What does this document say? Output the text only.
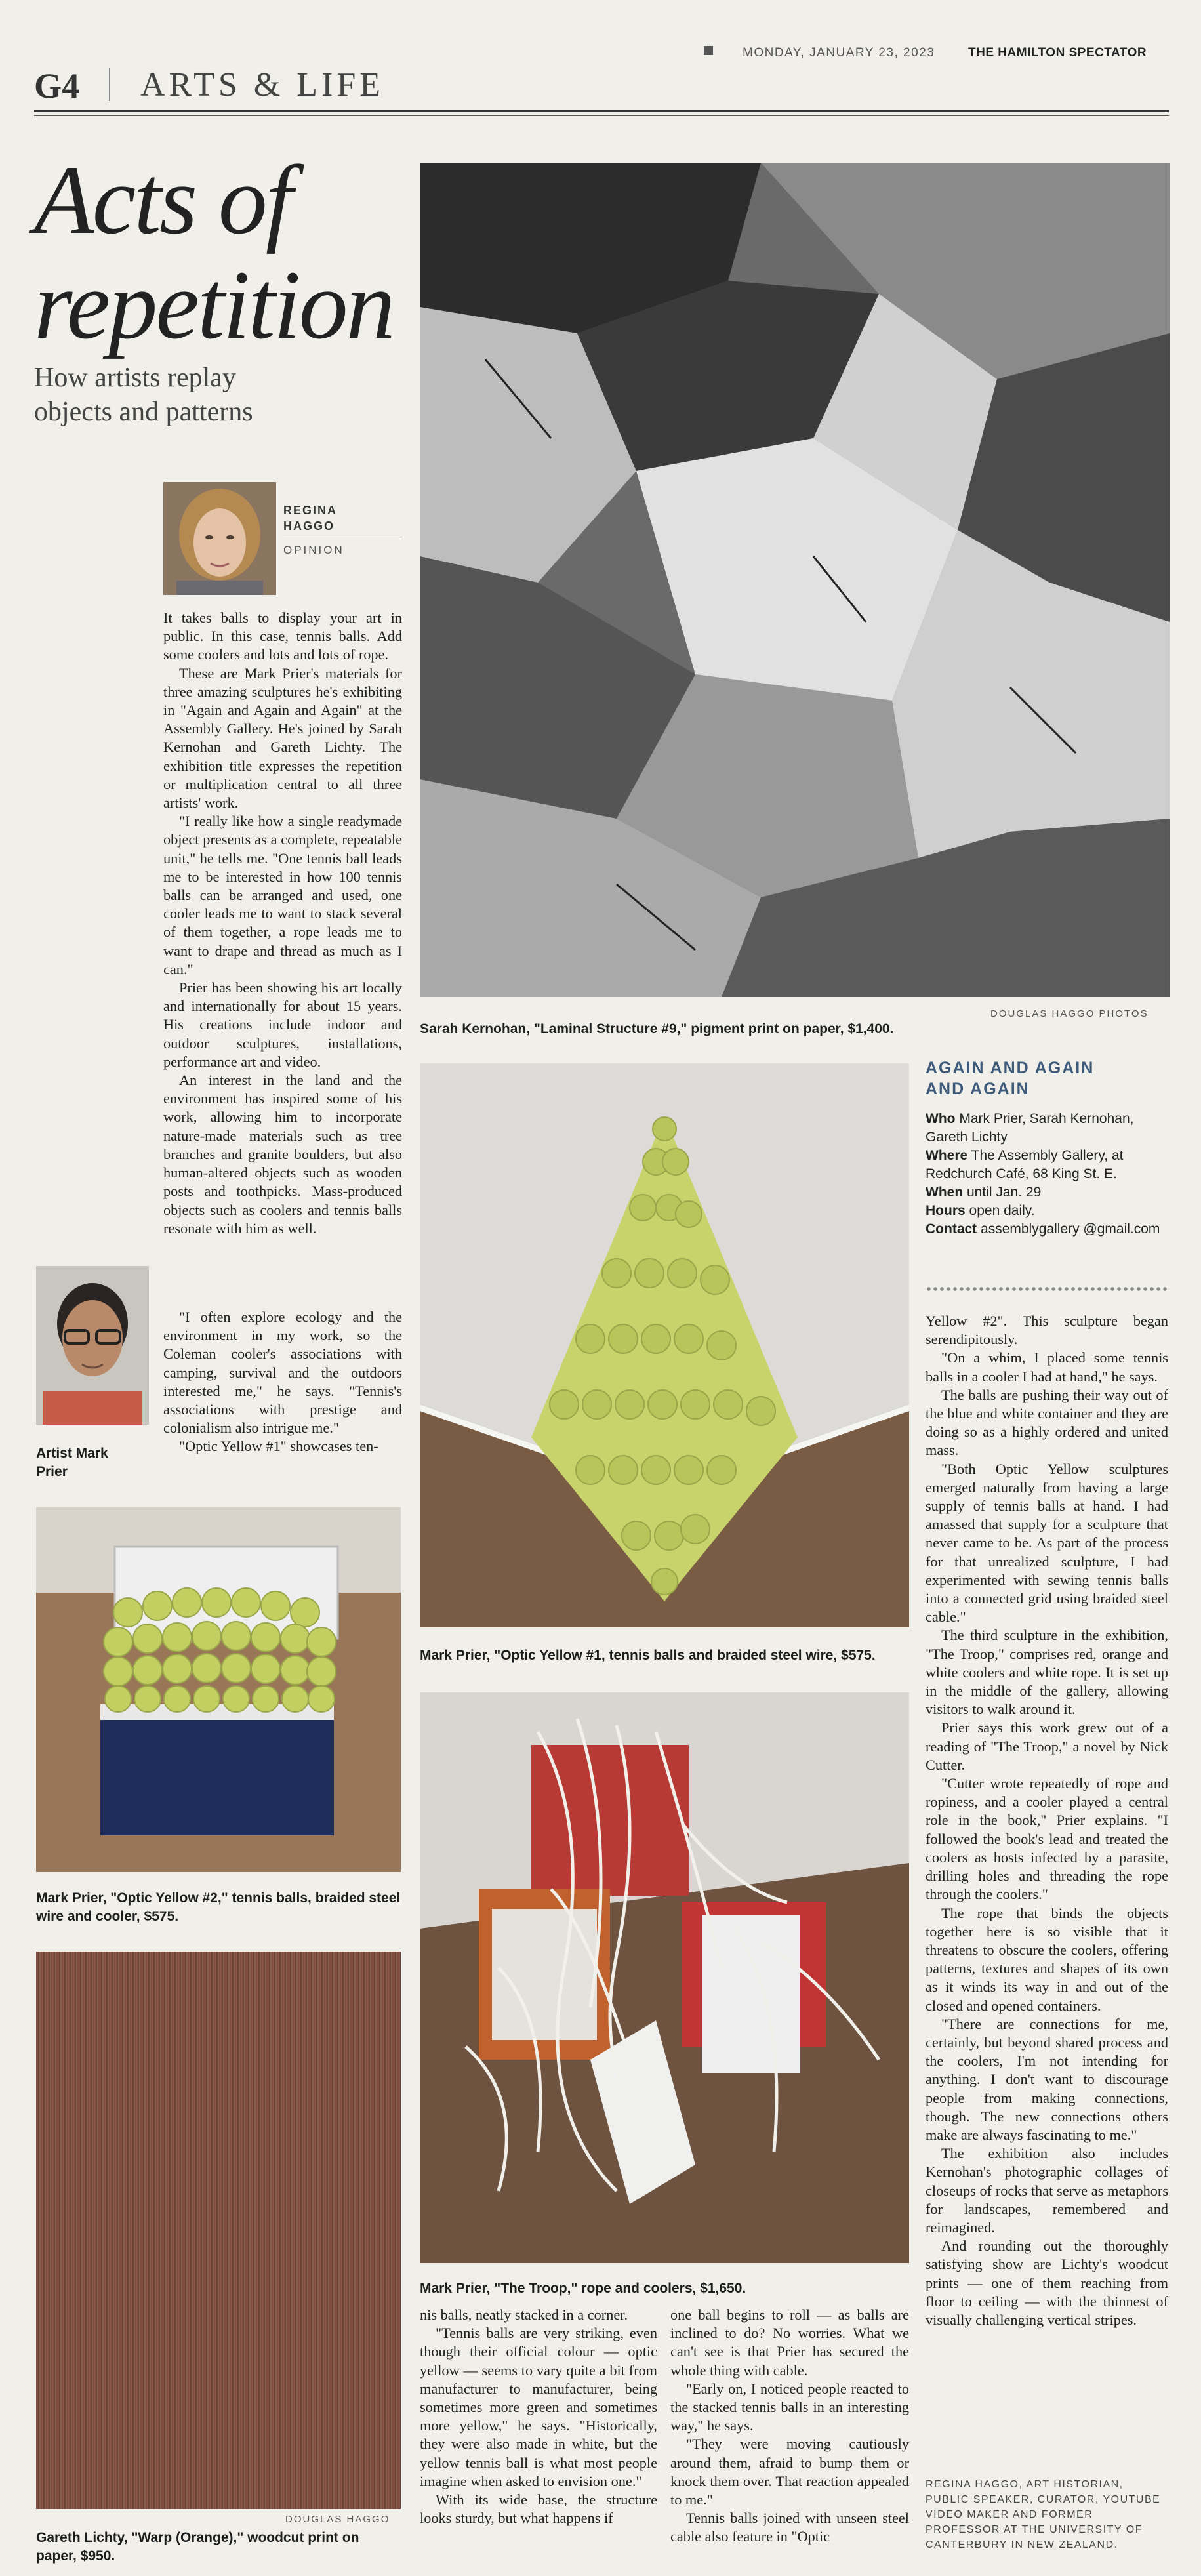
G4 ARTS & LIFE
MONDAY, JANUARY 23, 2023	THE HAMILTON SPECTATOR
Acts of repetition
How artists replay objects and patterns
REGINA HAGGO
OPINION

It takes balls to display your art in public. In this case, tennis balls. Add some coolers and lots and lots of rope.

These are Mark Prier's materials for three amazing sculptures he's exhibiting in "Again and Again and Again" at the Assembly Gallery. He's joined by Sarah Kernohan and Gareth Lichty. The exhibition title expresses the repetition or multiplication central to all three artists' work.

"I really like how a single readymade object presents as a complete, repeatable unit," he tells me. "One tennis ball leads me to be interested in how 100 tennis balls can be arranged and used, one cooler leads me to want to stack several of them together, a rope leads me to want to drape and thread as much as I can."

Prier has been showing his art locally and internationally for about 15 years. His creations include indoor and outdoor sculptures, installations, performance art and video.

An interest in the land and the environment has inspired some of his work, allowing him to incorporate nature-made materials such as tree branches and granite boulders, but also human-altered objects such as wooden posts and toothpicks. Mass-produced objects such as coolers and tennis balls resonate with him as well.

Artist Mark Prier

"I often explore ecology and the environment in my work, so the Coleman cooler's associations with camping, survival and the outdoors interested me," he says. "Tennis's associations with prestige and colonialism also intrigue me."

"Optic Yellow #1" showcases ten-

DOUGLAS HAGGO PHOTOS
Sarah Kernohan, "Laminal Structure #9," pigment print on paper, $1,400.
Mark Prier, "Optic Yellow #1, tennis balls and braided steel wire, $575.
AGAIN AND AGAIN AND AGAIN
Who Mark Prier, Sarah Kernohan, Gareth Lichty
Where The Assembly Gallery, at Redchurch Café, 68 King St. E.
When until Jan. 29
Hours open daily.
Contact assemblygallery @gmail.com

Yellow #2". This sculpture began serendipitously.

"On a whim, I placed some tennis balls in a cooler I had at hand," he says.

The balls are pushing their way out of the blue and white container and they are doing so as a highly ordered and united mass.

"Both Optic Yellow sculptures emerged naturally from having a large supply of tennis balls at hand. I had amassed that supply for a sculpture that never came to be. As part of the process for that unrealized sculpture, I had experimented with sewing tennis balls into a connected grid using braided steel cable."

The third sculpture in the exhibition, "The Troop," comprises red, orange and white coolers and white rope. It is set up in the middle of the gallery, allowing visitors to walk around it.

Prier says this work grew out of a reading of "The Troop," a novel by Nick Cutter.

"Cutter wrote repeatedly of rope and ropiness, and a cooler played a central role in the book," Prier explains. "I followed the book's lead and treated the coolers as hosts infected by a parasite, drilling holes and threading the rope through the coolers."

The rope that binds the objects together here is so visible that it threatens to obscure the coolers, offering patterns, textures and shapes of its own as it winds its way in and out of the closed and opened containers.

"There are connections for me, certainly, but beyond shared process and the coolers, I'm not intending for anything. I don't want to discourage people from making connections, though. The new connections others make are always fascinating to me."

The exhibition also includes Kernohan's photographic collages of closeups of rocks that serve as metaphors for landscapes, remembered and reimagined.

And rounding out the thoroughly satisfying show are Lichty's woodcut prints — one of them reaching from floor to ceiling — with the thinnest of visually challenging vertical stripes.

REGINA HAGGO, ART HISTORIAN, PUBLIC SPEAKER, CURATOR, YOUTUBE VIDEO MAKER AND FORMER PROFESSOR AT THE UNIVERSITY OF CANTERBURY IN NEW ZEALAND.
Mark Prier, "Optic Yellow #2," tennis balls, braided steel wire and cooler, $575.
Mark Prier, "The Troop," rope and coolers, $1,650.
DOUGLAS HAGGO
Gareth Lichty, "Warp (Orange)," woodcut print on paper, $950.

nis balls, neatly stacked in a corner.

"Tennis balls are very striking, even though their official colour — optic yellow — seems to vary quite a bit from manufacturer to manufacturer, being sometimes more green and sometimes more yellow," he says. "Historically, they were also made in white, but the yellow tennis ball is what most people imagine when asked to envision one."

With its wide base, the structure looks sturdy, but what happens if

one ball begins to roll — as balls are inclined to do? No worries. What we can't see is that Prier has secured the whole thing with cable.

"Early on, I noticed people reacted to the stacked tennis balls in an interesting way," he says.

"They were moving cautiously around them, afraid to bump them or knock them over. That reaction appealed to me."

Tennis balls joined with unseen steel cable also feature in "Optic
